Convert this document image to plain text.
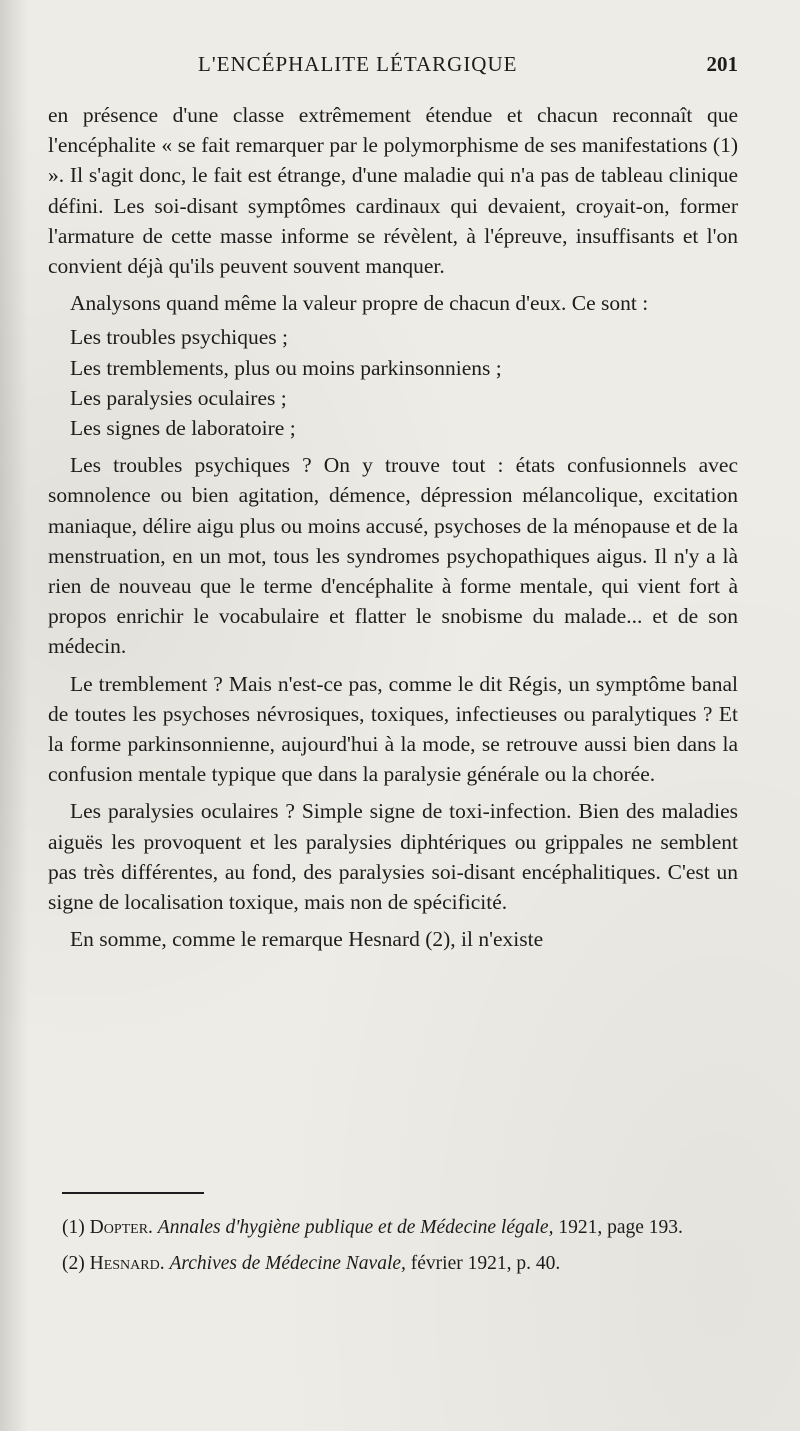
L'ENCÉPHALITE LÉTARGIQUE	201

en présence d'une classe extrêmement étendue et chacun reconnaît que l'encéphalite « se fait remarquer par le polymorphisme de ses manifestations (1) ». Il s'agit donc, le fait est étrange, d'une maladie qui n'a pas de tableau clinique défini. Les soi-disant symptômes cardinaux qui devaient, croyait-on, former l'armature de cette masse informe se révèlent, à l'épreuve, insuffisants et l'on convient déjà qu'ils peuvent souvent manquer.

Analysons quand même la valeur propre de chacun d'eux. Ce sont :

Les troubles psychiques ;
Les tremblements, plus ou moins parkinsonniens ;
Les paralysies oculaires ;
Les signes de laboratoire ;

Les troubles psychiques ? On y trouve tout : états confusionnels avec somnolence ou bien agitation, démence, dépression mélancolique, excitation maniaque, délire aigu plus ou moins accusé, psychoses de la ménopause et de la menstruation, en un mot, tous les syndromes psychopathiques aigus. Il n'y a là rien de nouveau que le terme d'encéphalite à forme mentale, qui vient fort à propos enrichir le vocabulaire et flatter le snobisme du malade... et de son médecin.

Le tremblement ? Mais n'est-ce pas, comme le dit Régis, un symptôme banal de toutes les psychoses névrosiques, toxiques, infectieuses ou paralytiques ? Et la forme parkinsonnienne, aujourd'hui à la mode, se retrouve aussi bien dans la confusion mentale typique que dans la paralysie générale ou la chorée.

Les paralysies oculaires ? Simple signe de toxi-infection. Bien des maladies aiguës les provoquent et les paralysies diphtériques ou grippales ne semblent pas très différentes, au fond, des paralysies soi-disant encéphalitiques. C'est un signe de localisation toxique, mais non de spécificité.

En somme, comme le remarque Hesnard (2), il n'existe

(1) Dopter. Annales d'hygiène publique et de Médecine légale, 1921, page 193.

(2) Hesnard. Archives de Médecine Navale, février 1921, p. 40.
